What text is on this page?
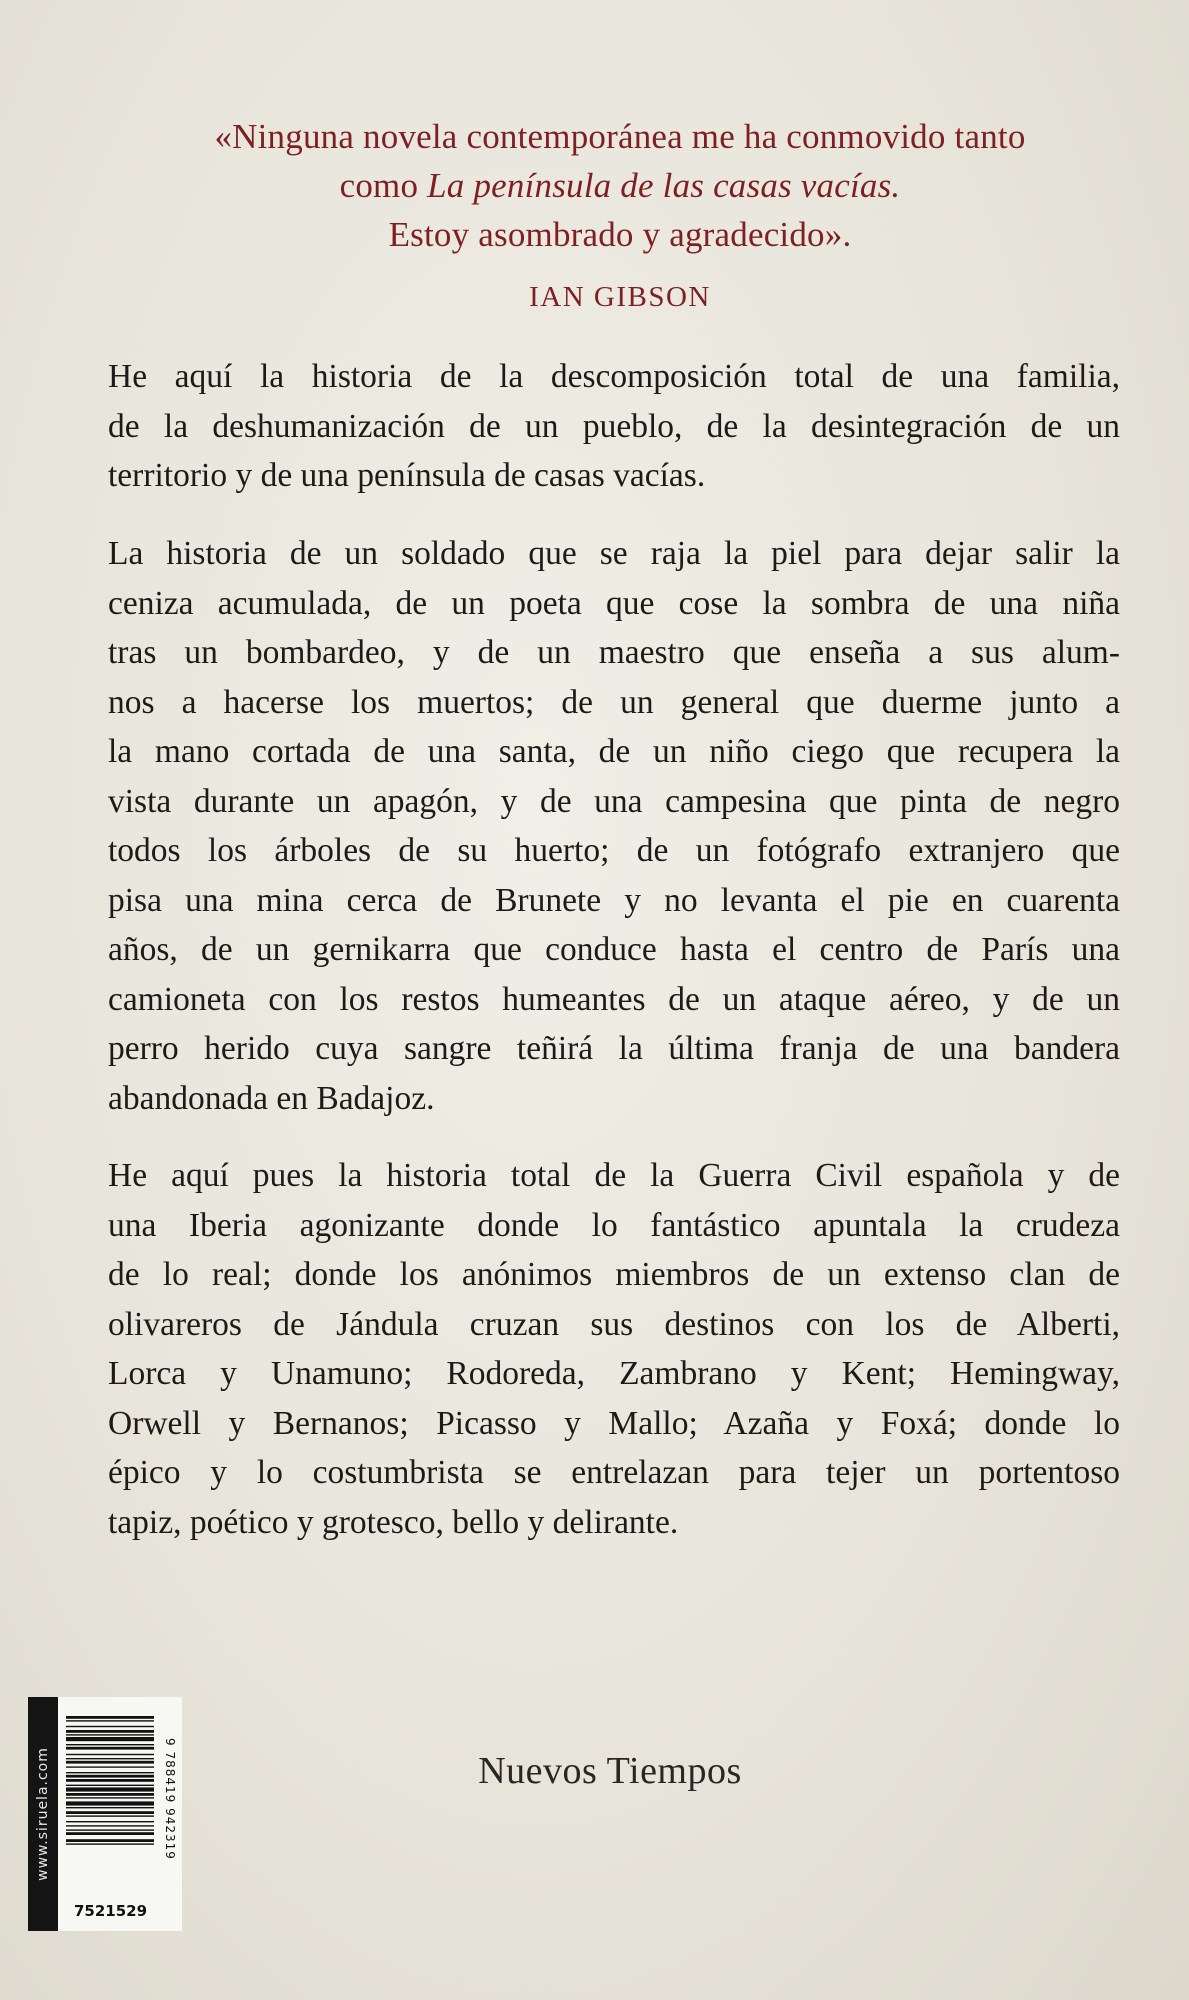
«Ninguna novela contemporánea me ha conmovido tanto
como La península de las casas vacías.
Estoy asombrado y agradecido».
IAN GIBSON
He aquí la historia de la descomposición total de una familia,
de la deshumanización de un pueblo, de la desintegración de un
territorio y de una península de casas vacías.
La historia de un soldado que se raja la piel para dejar salir la
ceniza acumulada, de un poeta que cose la sombra de una niña
tras un bombardeo, y de un maestro que enseña a sus alum-
nos a hacerse los muertos; de un general que duerme junto a
la mano cortada de una santa, de un niño ciego que recupera la
vista durante un apagón, y de una campesina que pinta de negro
todos los árboles de su huerto; de un fotógrafo extranjero que
pisa una mina cerca de Brunete y no levanta el pie en cuarenta
años, de un gernikarra que conduce hasta el centro de París una
camioneta con los restos humeantes de un ataque aéreo, y de un
perro herido cuya sangre teñirá la última franja de una bandera
abandonada en Badajoz.
He aquí pues la historia total de la Guerra Civil española y de
una Iberia agonizante donde lo fantástico apuntala la crudeza
de lo real; donde los anónimos miembros de un extenso clan de
olivareros de Jándula cruzan sus destinos con los de Alberti,
Lorca y Unamuno; Rodoreda, Zambrano y Kent; Hemingway,
Orwell y Bernanos; Picasso y Mallo; Azaña y Foxá; donde lo
épico y lo costumbrista se entrelazan para tejer un portentoso
tapiz, poético y grotesco, bello y delirante.
www.siruela.com	9 788419 942319
7521529
Nuevos Tiempos
